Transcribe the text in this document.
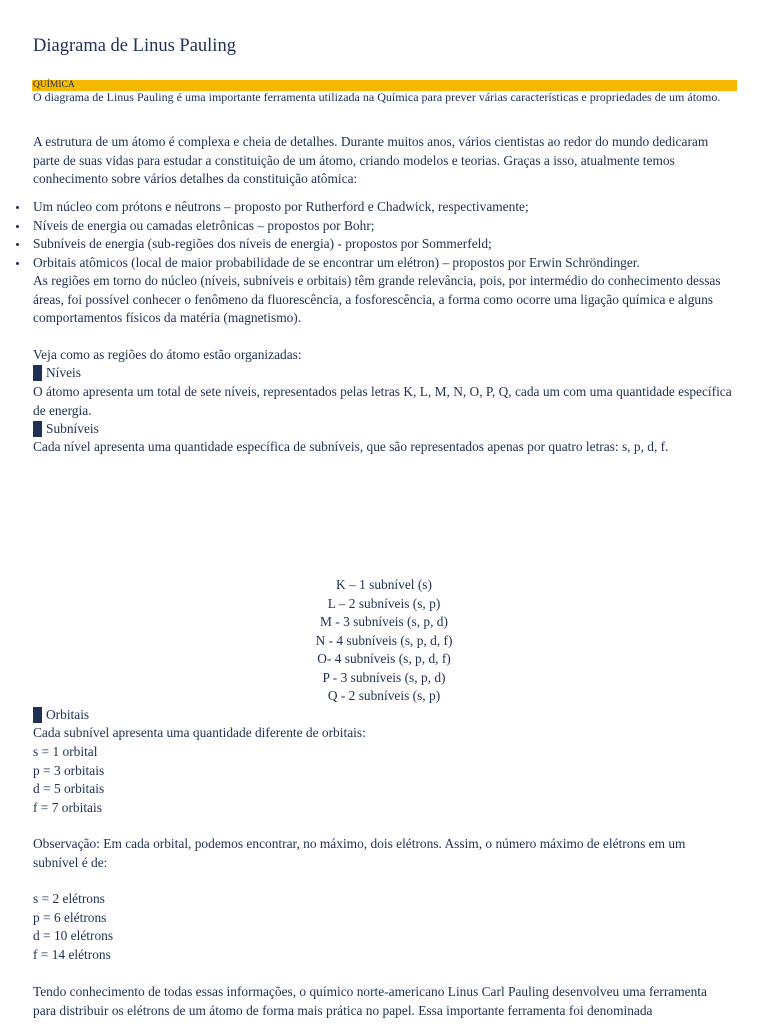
Diagrama de Linus Pauling
QUÍMICA
O diagrama de Linus Pauling é uma importante ferramenta utilizada na Química para prever várias características e propriedades de um átomo.
A estrutura de um átomo é complexa e cheia de detalhes. Durante muitos anos, vários cientistas ao redor do mundo dedicaram parte de suas vidas para estudar a constituição de um átomo, criando modelos e teorias. Graças a isso, atualmente temos conhecimento sobre vários detalhes da constituição atômica:
Um núcleo com prótons e nêutrons – proposto por Rutherford e Chadwick, respectivamente;
Níveis de energia ou camadas eletrônicas – propostos por Bohr;
Subníveis de energia (sub-regiões dos níveis de energia) - propostos por Sommerfeld;
Orbitais atômicos (local de maior probabilidade de se encontrar um elétron) – propostos por Erwin Schröndinger.
As regiões em torno do núcleo (níveis, subníveis e orbitais) têm grande relevância, pois, por intermédio do conhecimento dessas áreas, foi possível conhecer o fenômeno da fluorescência, a fosforescência, a forma como ocorre uma ligação química e alguns comportamentos físicos da matéria (magnetismo).
Veja como as regiões do átomo estão organizadas:
Níveis
O átomo apresenta um total de sete níveis, representados pelas letras K, L, M, N, O, P, Q, cada um com uma quantidade específica de energia.
Subníveis
Cada nível apresenta uma quantidade específica de subníveis, que são representados apenas por quatro letras: s, p, d, f.
K – 1 subnível (s)
L – 2 subníveis (s, p)
M - 3 subníveis (s, p, d)
N - 4 subníveis (s, p, d, f)
O- 4 subníveis (s, p, d, f)
P - 3 subníveis (s, p, d)
Q - 2 subníveis (s, p)
Orbitais
Cada subnível apresenta uma quantidade diferente de orbitais:
s = 1 orbital
p = 3 orbitais
d = 5 orbitais
f = 7 orbitais
Observação: Em cada orbital, podemos encontrar, no máximo, dois elétrons. Assim, o número máximo de elétrons em um subnível é de:
s = 2 elétrons
p = 6 elétrons
d = 10 elétrons
f = 14 elétrons
Tendo conhecimento de todas essas informações, o químico norte-americano Linus Carl Pauling desenvolveu uma ferramenta para distribuir os elétrons de um átomo de forma mais prática no papel. Essa importante ferramenta foi denominada
